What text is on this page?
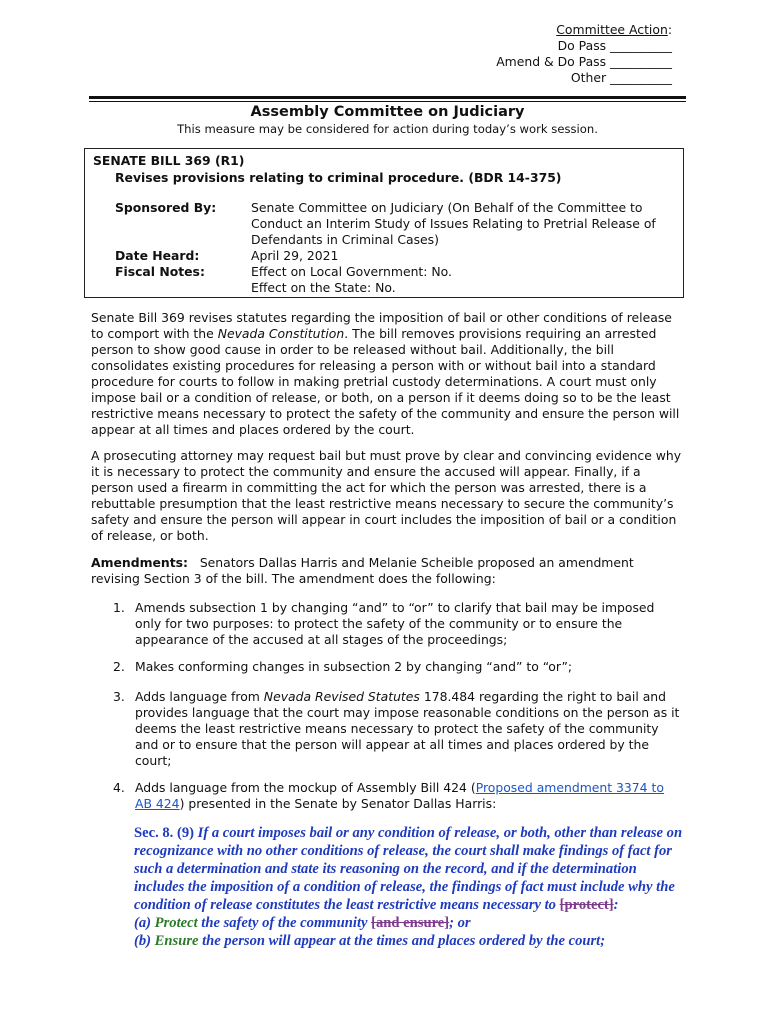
Committee Action:
Do Pass __________
Amend & Do Pass __________
Other __________
Assembly Committee on Judiciary
This measure may be considered for action during today’s work session.
SENATE BILL 369 (R1)
Revises provisions relating to criminal procedure. (BDR 14-375)
Sponsored By:	Senate Committee on Judiciary (On Behalf of the Committee to Conduct an Interim Study of Issues Relating to Pretrial Release of Defendants in Criminal Cases)
Date Heard:	April 29, 2021
Fiscal Notes:	Effect on Local Government: No.
Effect on the State: No.
Senate Bill 369 revises statutes regarding the imposition of bail or other conditions of release to comport with the Nevada Constitution. The bill removes provisions requiring an arrested person to show good cause in order to be released without bail. Additionally, the bill consolidates existing procedures for releasing a person with or without bail into a standard procedure for courts to follow in making pretrial custody determinations. A court must only impose bail or a condition of release, or both, on a person if it deems doing so to be the least restrictive means necessary to protect the safety of the community and ensure the person will appear at all times and places ordered by the court.
A prosecuting attorney may request bail but must prove by clear and convincing evidence why it is necessary to protect the community and ensure the accused will appear. Finally, if a person used a firearm in committing the act for which the person was arrested, there is a rebuttable presumption that the least restrictive means necessary to secure the community’s safety and ensure the person will appear in court includes the imposition of bail or a condition of release, or both.
Amendments: Senators Dallas Harris and Melanie Scheible proposed an amendment revising Section 3 of the bill. The amendment does the following:
1. Amends subsection 1 by changing “and” to “or” to clarify that bail may be imposed only for two purposes: to protect the safety of the community or to ensure the appearance of the accused at all stages of the proceedings;
2. Makes conforming changes in subsection 2 by changing “and” to “or”;
3. Adds language from Nevada Revised Statutes 178.484 regarding the right to bail and provides language that the court may impose reasonable conditions on the person as it deems the least restrictive means necessary to protect the safety of the community and or to ensure that the person will appear at all times and places ordered by the court;
4. Adds language from the mockup of Assembly Bill 424 (Proposed amendment 3374 to AB 424) presented in the Senate by Senator Dallas Harris:
Sec. 8. (9) If a court imposes bail or any condition of release, or both, other than release on recognizance with no other conditions of release, the court shall make findings of fact for such a determination and state its reasoning on the record, and if the determination includes the imposition of a condition of release, the findings of fact must include why the condition of release constitutes the least restrictive means necessary to [protect]:
(a) Protect the safety of the community [and ensure]; or
(b) Ensure the person will appear at the times and places ordered by the court;
